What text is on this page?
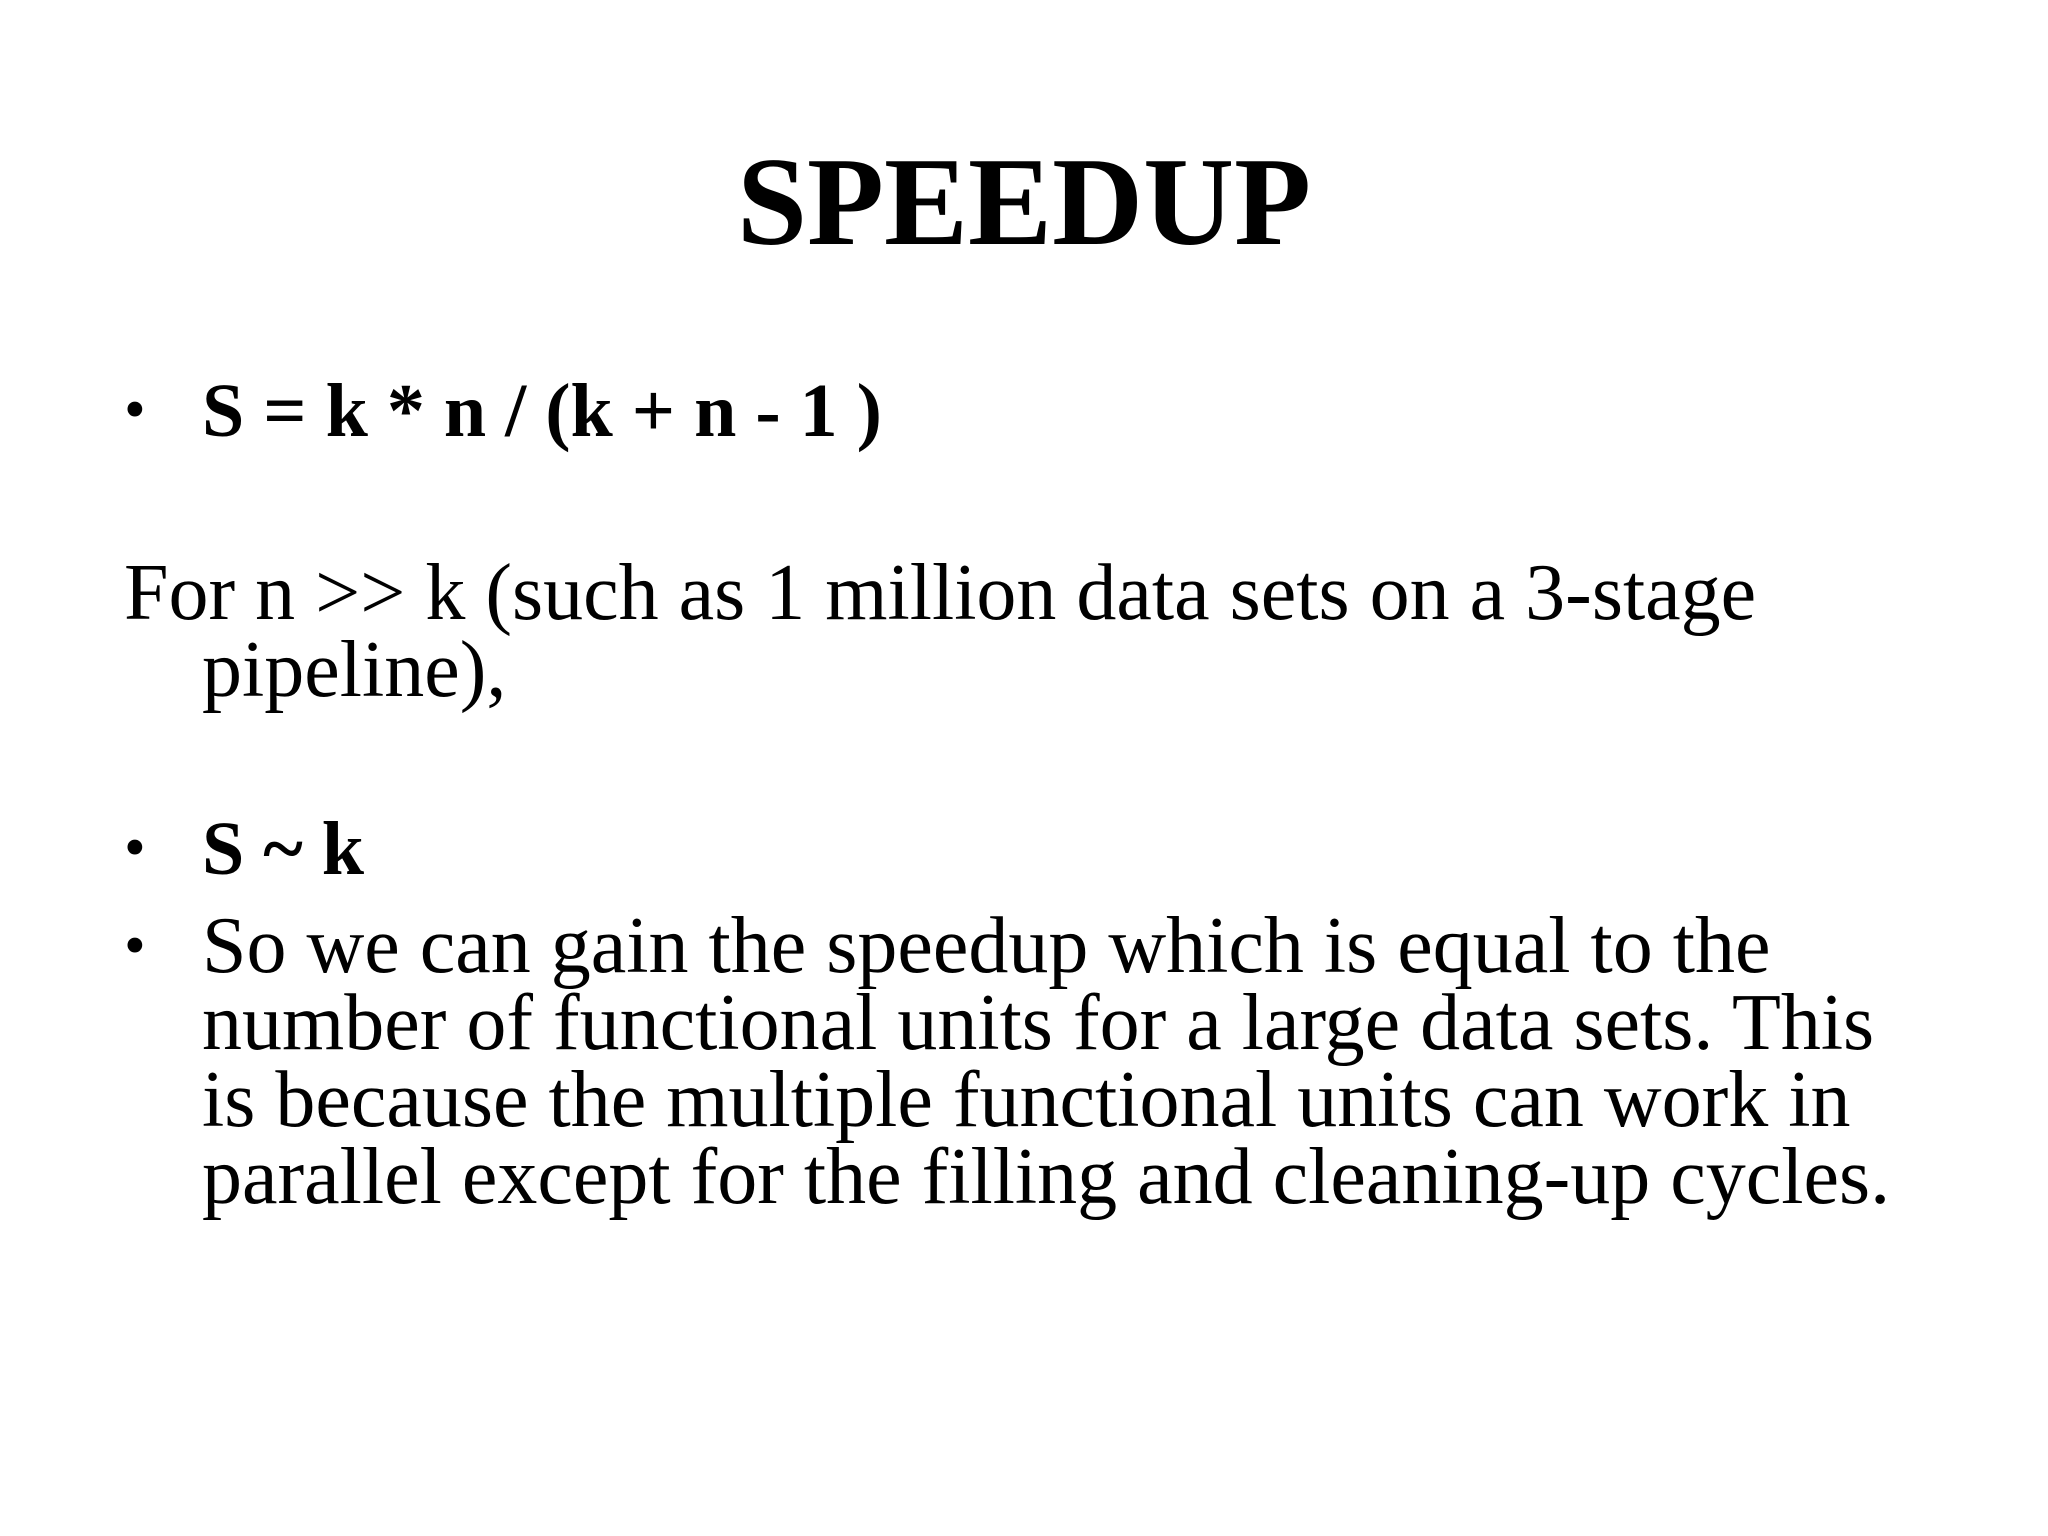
SPEEDUP
• S = k * n / (k + n - 1 )
For n >> k (such as 1 million data sets on a 3-stage pipeline),
• S ~ k
• So we can gain the speedup which is equal to the number of functional units for a large data sets. This is because the multiple functional units can work in parallel except for the filling and cleaning-up cycles.
